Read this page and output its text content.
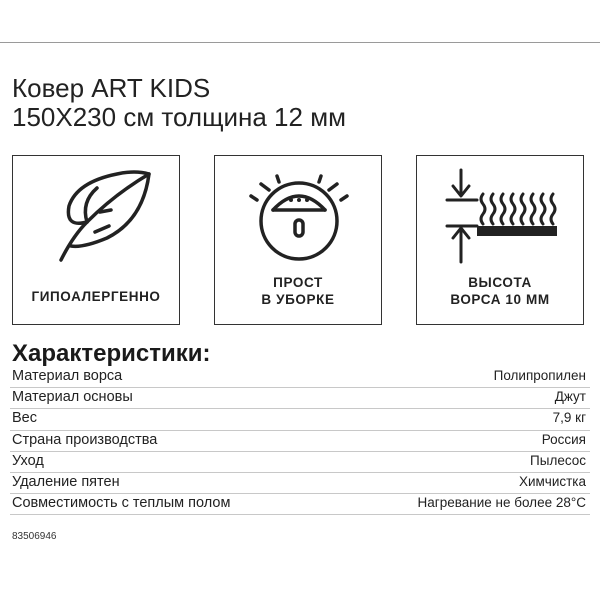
Ковер ART KIDS
150X230 см толщина 12 мм
ГИПОАЛЕРГЕННО
ПРОСТ
В УБОРКЕ
ВЫСОТА
ВОРСА 10 ММ
Характеристики:
Материал ворса	Полипропилен
Материал основы	Джут
Вес	7,9 кг
Страна производства	Россия
Уход	Пылесос
Удаление пятен	Химчистка
Совместимость с теплым полом	Нагревание не более 28°C
83506946
